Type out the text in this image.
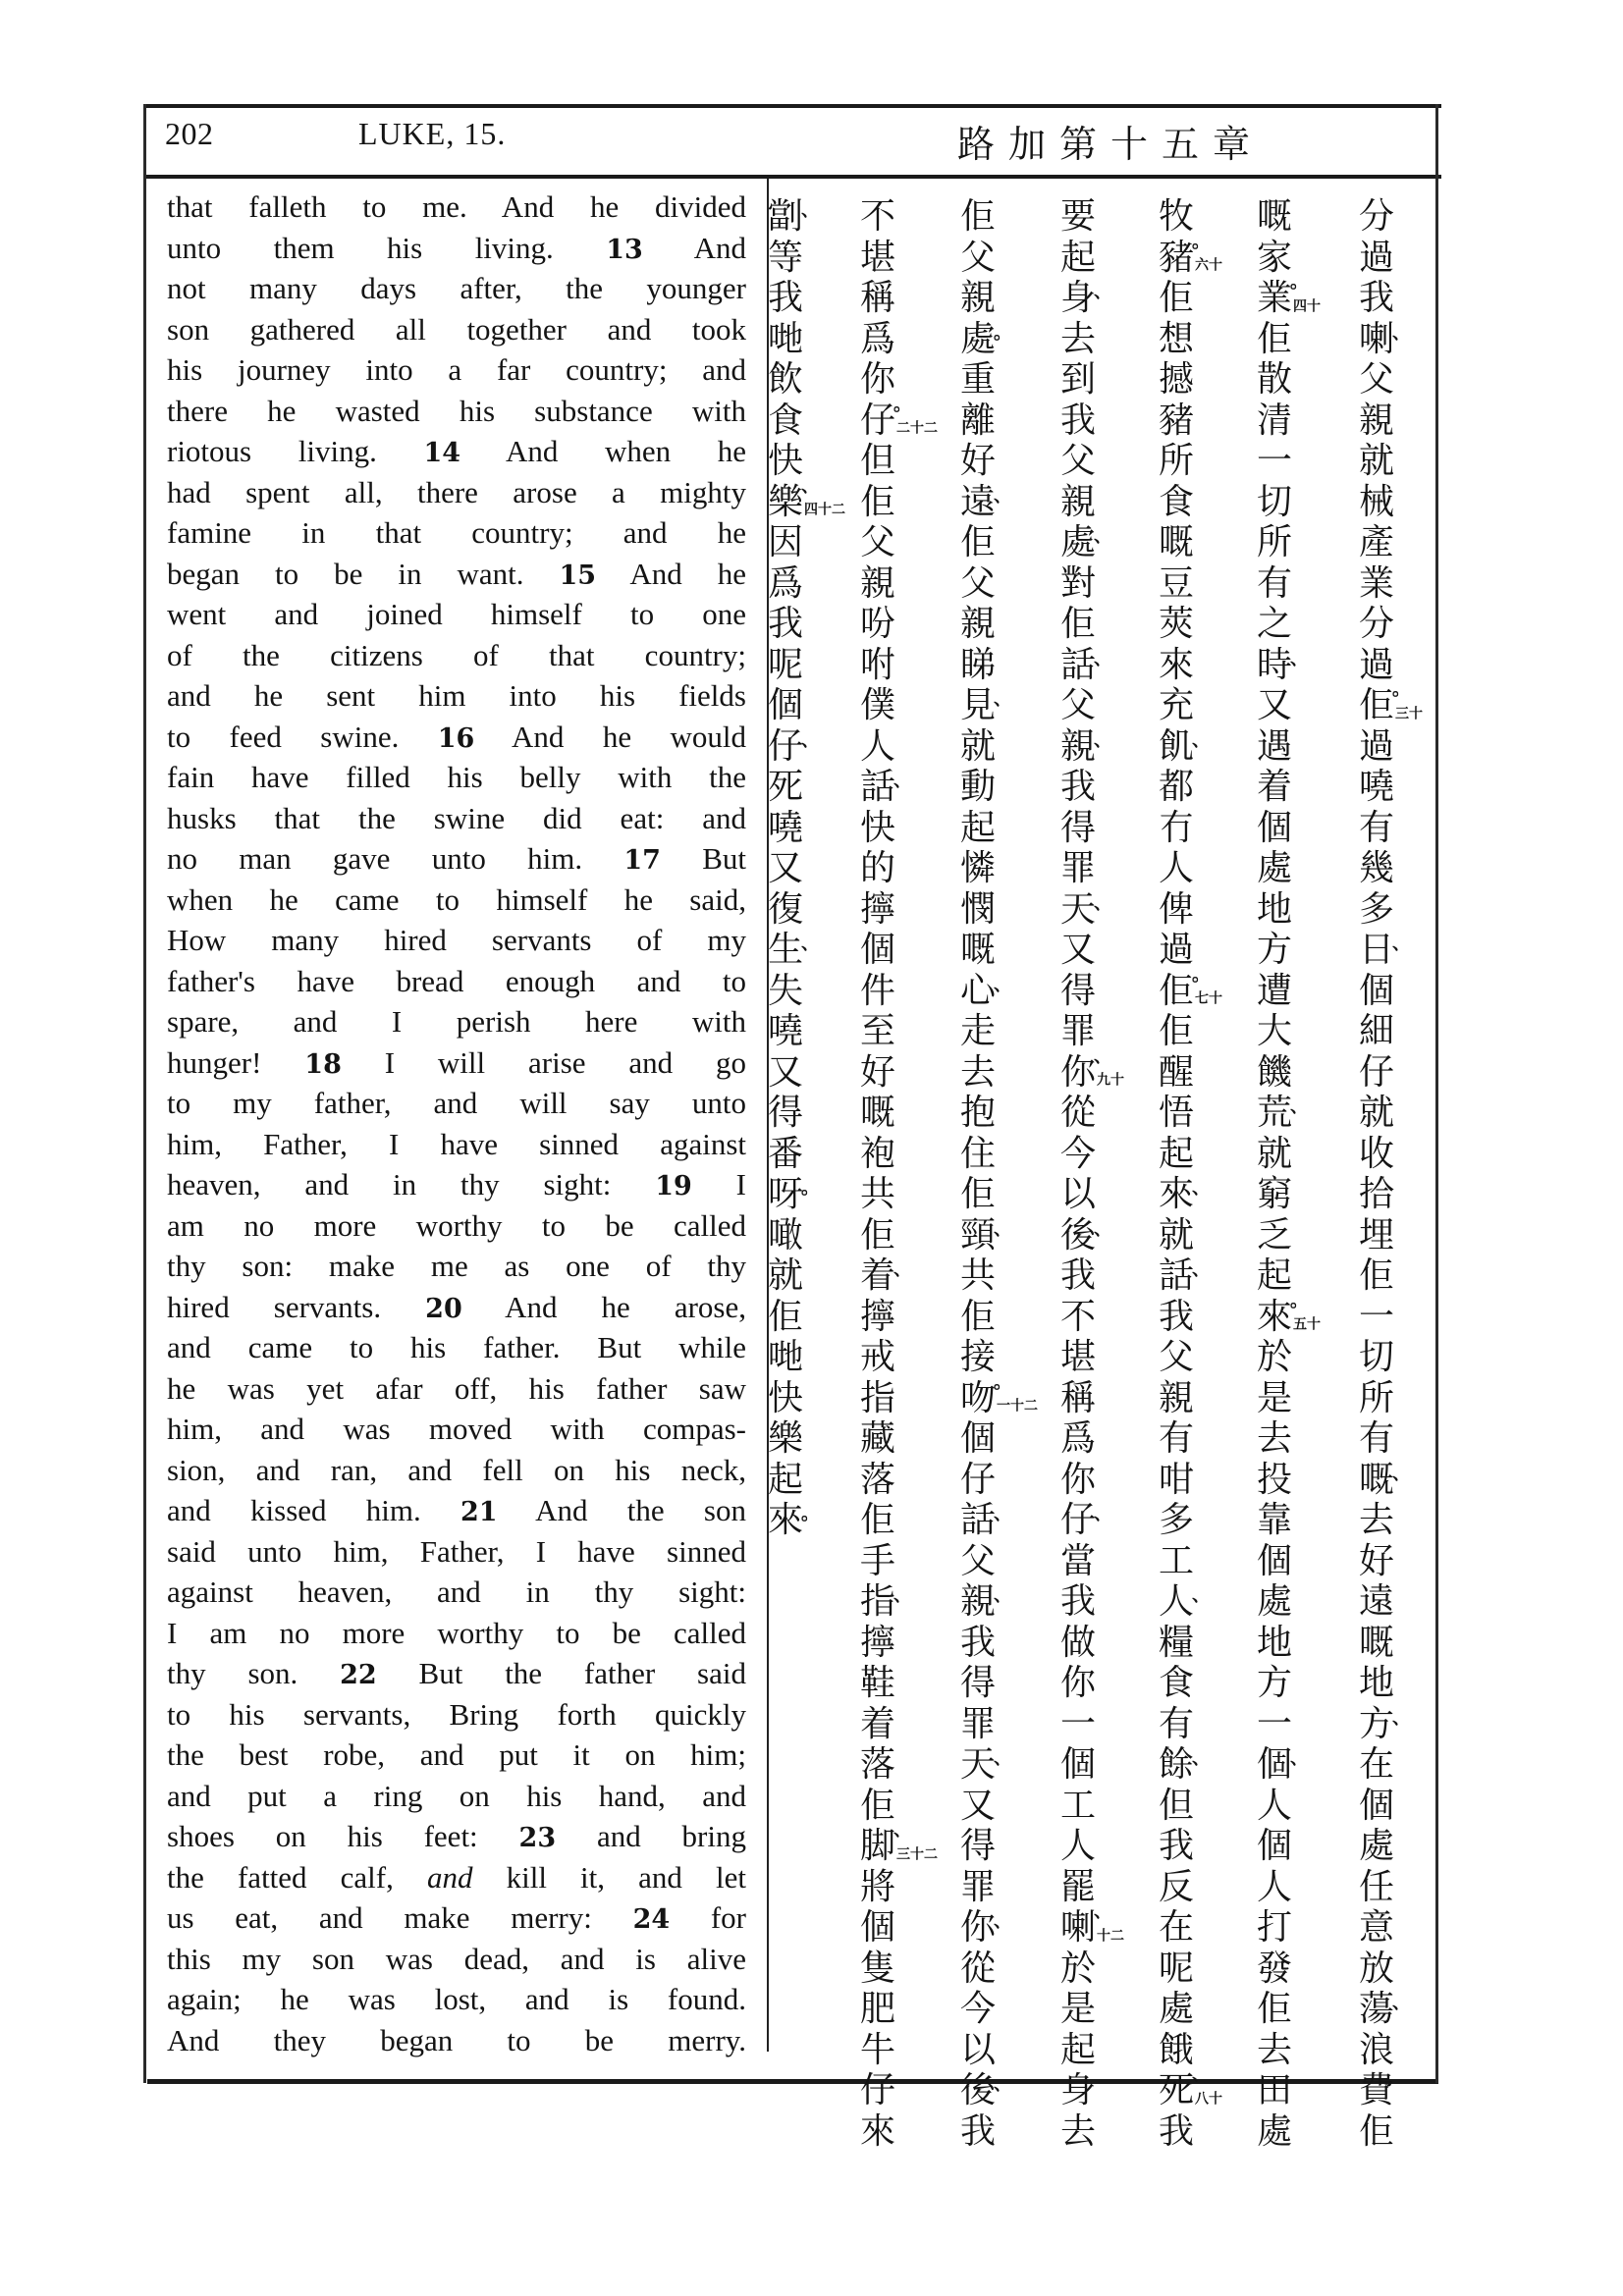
202	LUKE, 15.	路加第十五章
that falleth to me. And he divided
unto them his living. 13 And
not many days after, the younger
son gathered all together and took
his journey into a far country; and
there he wasted his substance with
riotous living. 14 And when he
had spent all, there arose a mighty
famine in that country; and he
began to be in want. 15 And he
went and joined himself to one
of the citizens of that country;
and he sent him into his fields
to feed swine. 16 And he would
fain have filled his belly with the
husks that the swine did eat: and
no man gave unto him. 17 But
when he came to himself he said,
How many hired servants of my
father's have bread enough and to
spare, and I perish here with
hunger! 18 I will arise and go
to my father, and will say unto
him, Father, I have sinned against
heaven, and in thy sight: 19 I
am no more worthy to be called
thy son: make me as one of thy
hired servants. 20 And he arose,
and came to his father. But while
he was yet afar off, his father saw
him, and was moved with compas-
sion, and ran, and fell on his neck,
and kissed him. 21 And the son
said unto him, Father, I have sinned
against heaven, and in thy sight:
I am no more worthy to be called
thy son. 22 But the father said
to his servants, Bring forth quickly
the best robe, and put it on him;
and put a ring on his hand, and
shoes on his feet: 23 and bring
the fatted calf, and kill it, and let
us eat, and make merry: 24 for
this my son was dead, and is alive
again; he was lost, and is found.
And they began to be merry.
分
過
我
喇
、
父
親
就
械
產
業
分
過
佢
。
十三
過
嘵
有
幾
多
日
、
個
細
仔
就
收
拾
埋
佢
一
切
所
有
嘅
、
去
好
遠
嘅
地
方
、
在
個
處
任
意
放
蕩
、
浪
費
佢
嘅
家
業
。
十四
佢
散
清
一
切
所
有
之
時
、
又
遇
着
個
處
地
方
遭
大
饑
荒
、
就
窮
乏
起
來
。
十五
於
是
去
投
靠
個
處
地
方
一
個
、
人
個
人
打
發
佢
去
田
處
牧
豬
。
十六
佢
想
撼
豬
所
食
嘅
豆
莢
來
充
飢
、
都
冇
人
俾
過
佢
。
十七
佢
醒
悟
起
來
、
就
話
、
我
父
親
有
咁
多
工
人
、
糧
食
有
餘
、
但
我
反
在
呢
處
餓
死
、
十八
我
要
起
身
、
去
到
我
父
親
處
、
對
佢
話
、
父
親
、
我
得
罪
天
、
又
得
罪
你
、
十九
從
今
以
後
、
我
不
堪
稱
爲
你
仔
、
當
我
做
你
一
個
工
人
罷
喇
、
二十
於
是
起
身
去
佢
父
親
處
。
重
離
好
遠
、
佢
父
親
睇
見
、
就
動
起
憐
憫
嘅
心
、
走
去
抱
住
佢
頸
、
共
佢
接
吻
。
二十一
個
仔
話
、
父
親
、
我
得
罪
天
、
又
得
罪
你
、
從
今
以
後
、
我
不
堪
稱
爲
你
仔
。
二十二
但
佢
父
親
吩
咐
僕
人
話
、
快
的
擰
個
件
至
好
嘅
袍
共
佢
着
、
擰
戒
指
藏
落
佢
手
指
、
擰
鞋
着
落
佢
脚
、
二十三
將
個
隻
肥
牛
仔
來
劏
、
等
我
哋
飲
食
快
樂
、
二十四
因
爲
我
呢
個
仔
、
死
嘵
又
復
生
、
失
嘵
又
得
番
呀
。
噉
就
佢
哋
快
樂
起
來
。
